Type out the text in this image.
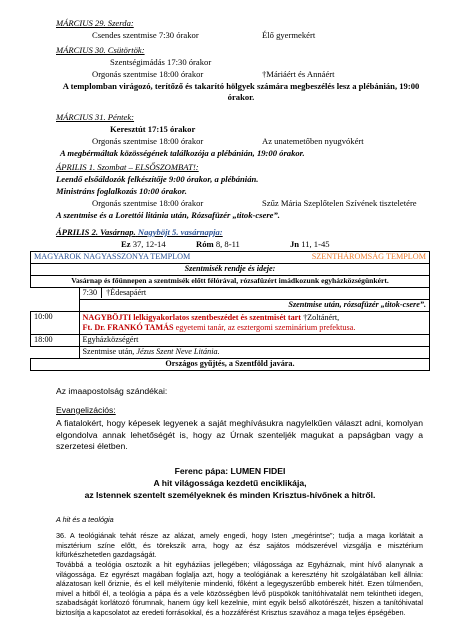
MÁRCIUS 29. Szerda:
Csendes szentmise 7:30 órakor	Élő gyermekért
MÁRCIUS 30. Csütörtök:
Szentségimádás 17:30 órakor
Orgonás szentmise 18:00 órakor	†Máriáért és Annáért
A templomban virágozó, terítőző és takarító hölgyek számára megbeszélés lesz a plébánián, 19:00 órakor.
MÁRCIUS 31. Péntek:
Keresztút 17:15 órakor
Orgonás szentmise 18:00 órakor	Az unatemetőben nyugvókért
A megbérmáltak közösségének találkozója a plébánián, 19:00 órakor.
ÁPRILIS 1. Szombat – ELSŐSZOMBAT!:
Leendő elsőáldozók felkészítője 9:00 órakor, a plébánián.
Ministráns foglalkozás 10:00 órakor.
Orgonás szentmise 18:00 órakor	Szűz Mária Szeplőtelen Szívének tiszteletére
A szentmise és a Lorettói litánia után, Rózsafüzér „titok-csere”.
ÁPRILIS 2. Vasárnap. Nagyböjt 5. vasárnapja:
Ez 37, 12-14	Róm 8, 8-11	Jn 11, 1-45
MAGYAROK NAGYASSZONYA TEMPLOM SZENTHÁROMSÁG TEMPLOM	

Szentmisék rendje és ideje:	
Vasárnap és főünnepen a szentmisék előtt félórával, rózsafüzért imádkozunk egyházközségünkért.	
	7:30 †Édesapáért
	Szentmise után, rózsafüzér „titok-csere”.
10:00	NAGYBÖJTI lelkigyakorlatos szentbeszédet és szentmisét tart †Zoltánért,
Ft. Dr. FRANKÓ TAMÁS egyetemi tanár, az esztergomi szeminárium prefektusa.

18:00	Egyházközségért
	Szentmise után, Jézus Szent Neve Litánia.
Országos gyűjtés, a Szentföld javára.	
Az imaapostolság szándékai:
Evangelizációs:
A fiatalokért, hogy képesek legyenek a saját meghívásukra nagylelkűen választ adni, komolyan elgondolva annak lehetőségét is, hogy az Úrnak szenteljék magukat a papságban vagy a szerzetesi életben.
Ferenc pápa: LUMEN FIDEI
A hit világossága kezdetű enciklikája,
az Istennek szentelt személyeknek és minden Krisztus-hívőnek a hitről.
A hit és a teológia
36. A teológiának tehát része az alázat, amely engedi, hogy Isten „megérintse”; tudja a maga korlátait a misztérium színe előtt, és törekszik arra, hogy az ész sajátos módszerével vizsgálja e misztérium kifürkészhetetlen gazdagságát.
Továbbá a teológia osztozik a hit egyháziias jellegében; világossága az Egyháznak, mint hívő alanynak a világossága. Ez egyrészt magában foglalja azt, hogy a teológiának a keresztény hit szolgálatában kell állnia: alázatosan kell őriznie, és el kell mélyítenie mindenki, főként a legegyszerűbb emberek hitét. Ezen túlmenően, mivel a hitből él, a teológia a pápa és a vele közösségben lévő püspökök tanítóhivatalát nem tekintheti idegen, szabadságát korlátozó fórumnak, hanem úgy kell kezelnie, mint egyik belső alkotórészét, hiszen a tanítóhivatal biztosítja a kapcsolatot az eredeti forrásokkal, és a hozzáférést Krisztus szavához a maga teljes épségében.
